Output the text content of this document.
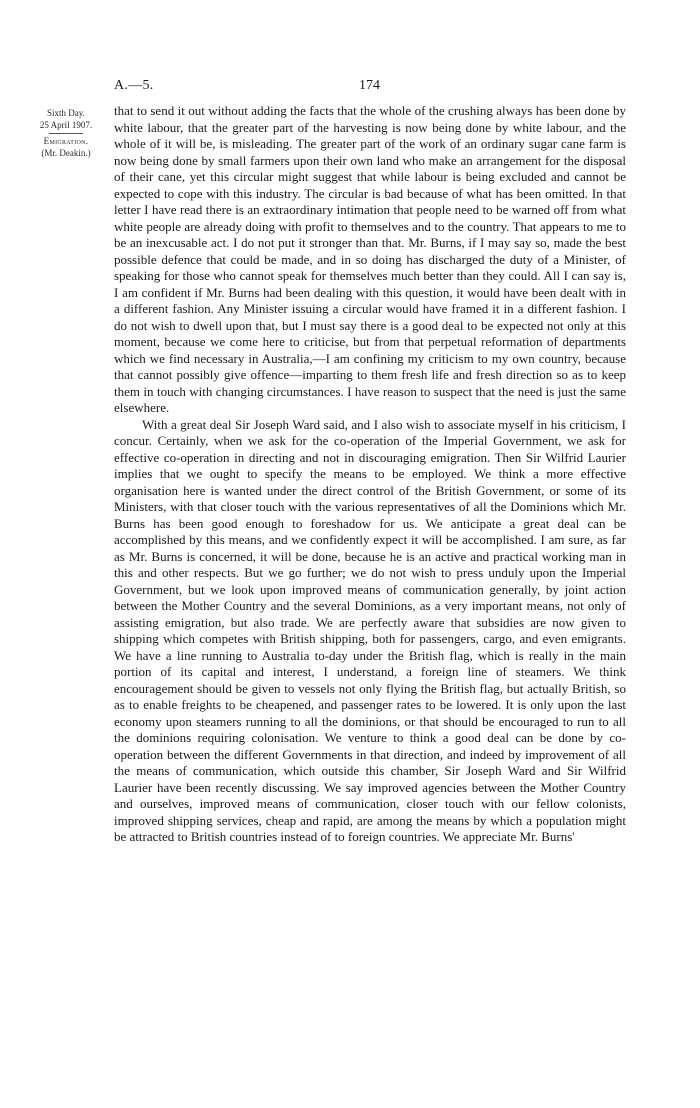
A.—5.	174
Sixth Day.
25 April 1907.
Emigration.
(Mr. Deakin.)

that to send it out without adding the facts that the whole of the crushing always has been done by white labour, that the greater part of the harvesting is now being done by white labour, and the whole of it will be, is misleading. The greater part of the work of an ordinary sugar cane farm is now being done by small farmers upon their own land who make an arrangement for the disposal of their cane, yet this circular might suggest that while labour is being excluded and cannot be expected to cope with this industry. The circular is bad because of what has been omitted. In that letter I have read there is an extraordinary intimation that people need to be warned off from what white people are already doing with profit to themselves and to the country. That appears to me to be an inexcusable act. I do not put it stronger than that. Mr. Burns, if I may say so, made the best possible defence that could be made, and in so doing has discharged the duty of a Minister, of speaking for those who cannot speak for themselves much better than they could. All I can say is, I am confident if Mr. Burns had been dealing with this question, it would have been dealt with in a different fashion. Any Minister issuing a circular would have framed it in a different fashion. I do not wish to dwell upon that, but I must say there is a good deal to be expected not only at this moment, because we come here to criticise, but from that perpetual reformation of departments which we find necessary in Australia,—I am confining my criticism to my own country, because that cannot possibly give offence—imparting to them fresh life and fresh direction so as to keep them in touch with changing circumstances. I have reason to suspect that the need is just the same elsewhere.

With a great deal Sir Joseph Ward said, and I also wish to associate myself in his criticism, I concur. Certainly, when we ask for the co-operation of the Imperial Government, we ask for effective co-operation in directing and not in discouraging emigration. Then Sir Wilfrid Laurier implies that we ought to specify the means to be employed. We think a more effective organisation here is wanted under the direct control of the British Government, or some of its Ministers, with that closer touch with the various representatives of all the Dominions which Mr. Burns has been good enough to foreshadow for us. We anticipate a great deal can be accomplished by this means, and we confidently expect it will be accomplished. I am sure, as far as Mr. Burns is concerned, it will be done, because he is an active and practical working man in this and other respects. But we go further; we do not wish to press unduly upon the Imperial Government, but we look upon improved means of communication generally, by joint action between the Mother Country and the several Dominions, as a very important means, not only of assisting emigration, but also trade. We are perfectly aware that subsidies are now given to shipping which competes with British shipping, both for passengers, cargo, and even emigrants. We have a line running to Australia to-day under the British flag, which is really in the main portion of its capital and interest, I understand, a foreign line of steamers. We think encouragement should be given to vessels not only flying the British flag, but actually British, so as to enable freights to be cheapened, and passenger rates to be lowered. It is only upon the last economy upon steamers running to all the dominions, or that should be encouraged to run to all the dominions requiring colonisation. We venture to think a good deal can be done by co-operation between the different Governments in that direction, and indeed by improvement of all the means of communication, which outside this chamber, Sir Joseph Ward and Sir Wilfrid Laurier have been recently discussing. We say improved agencies between the Mother Country and ourselves, improved means of communication, closer touch with our fellow colonists, improved shipping services, cheap and rapid, are among the means by which a population might be attracted to British countries instead of to foreign countries. We appreciate Mr. Burns'
